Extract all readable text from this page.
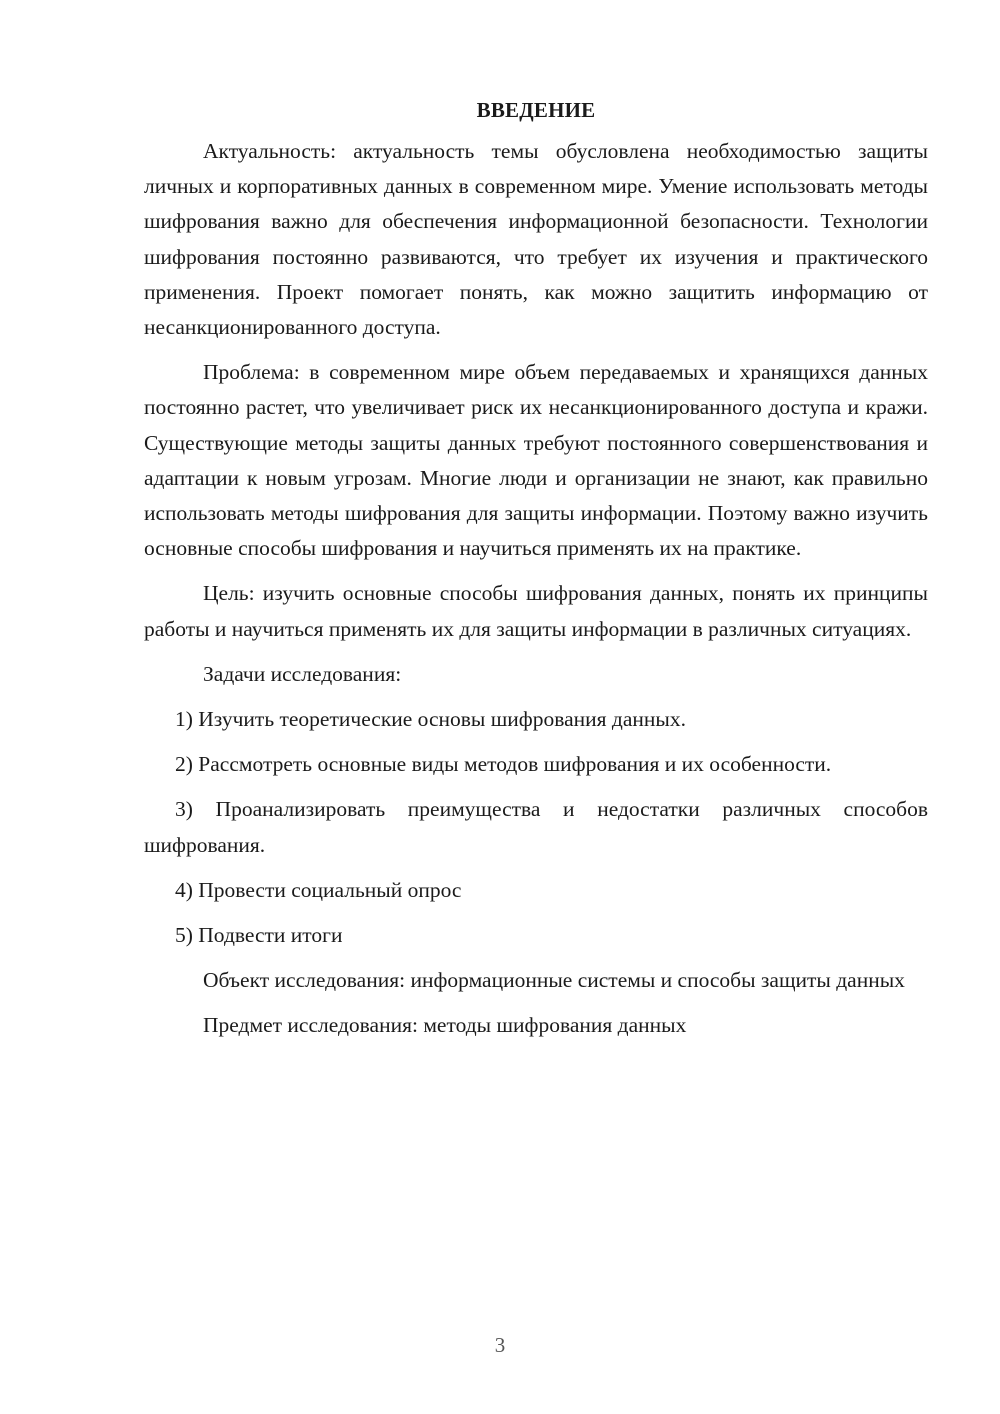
ВВЕДЕНИЕ

Актуальность: актуальность темы обусловлена необходимостью защиты личных и корпоративных данных в современном мире. Умение использовать методы шифрования важно для обеспечения информационной безопасности. Технологии шифрования постоянно развиваются, что требует их изучения и практического применения. Проект помогает понять, как можно защитить информацию от несанкционированного доступа.

Проблема: в современном мире объем передаваемых и хранящихся данных постоянно растет, что увеличивает риск их несанкционированного доступа и кражи. Существующие методы защиты данных требуют постоянного совершенствования и адаптации к новым угрозам. Многие люди и организации не знают, как правильно использовать методы шифрования для защиты информации. Поэтому важно изучить основные способы шифрования и научиться применять их на практике.

Цель: изучить основные способы шифрования данных, понять их принципы работы и научиться применять их для защиты информации в различных ситуациях.

Задачи исследования:

1) Изучить теоретические основы шифрования данных.

2) Рассмотреть основные виды методов шифрования и их особенности.

3) Проанализировать преимущества и недостатки различных способов шифрования.

4) Провести социальный опрос

5) Подвести итоги

Объект исследования: информационные системы и способы защиты данных

Предмет исследования: методы шифрования данных

3
